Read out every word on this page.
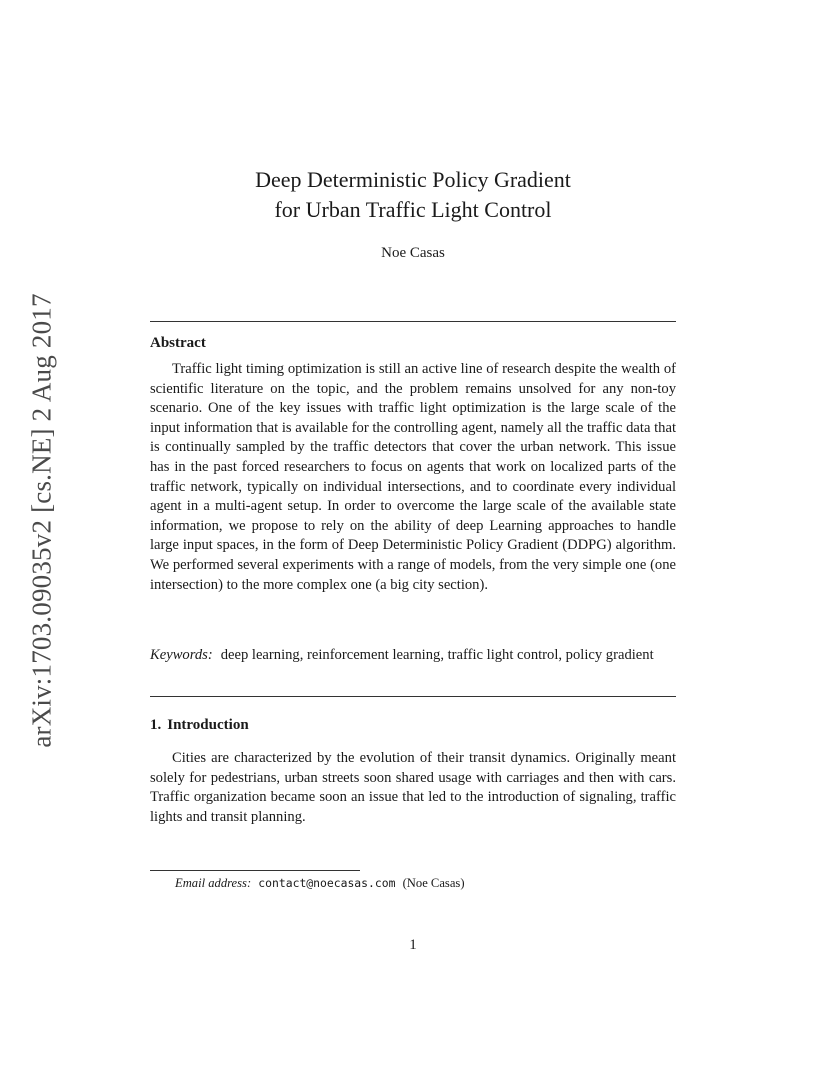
arXiv:1703.09035v2 [cs.NE] 2 Aug 2017
Deep Deterministic Policy Gradient
for Urban Traffic Light Control
Noe Casas
Abstract

Traffic light timing optimization is still an active line of research despite the wealth of scientific literature on the topic, and the problem remains unsolved for any non-toy scenario. One of the key issues with traffic light optimization is the large scale of the input information that is available for the controlling agent, namely all the traffic data that is continually sampled by the traffic detectors that cover the urban network. This issue has in the past forced researchers to focus on agents that work on localized parts of the traffic network, typically on individual intersections, and to coordinate every individual agent in a multi-agent setup. In order to overcome the large scale of the available state information, we propose to rely on the ability of deep Learning approaches to handle large input spaces, in the form of Deep Deterministic Policy Gradient (DDPG) algorithm. We performed several experiments with a range of models, from the very simple one (one intersection) to the more complex one (a big city section).

Keywords: deep learning, reinforcement learning, traffic light control, policy gradient

1. Introduction

Cities are characterized by the evolution of their transit dynamics. Originally meant solely for pedestrians, urban streets soon shared usage with carriages and then with cars. Traffic organization became soon an issue that led to the introduction of signaling, traffic lights and transit planning.

Email address: contact@noecasas.com (Noe Casas)
1
